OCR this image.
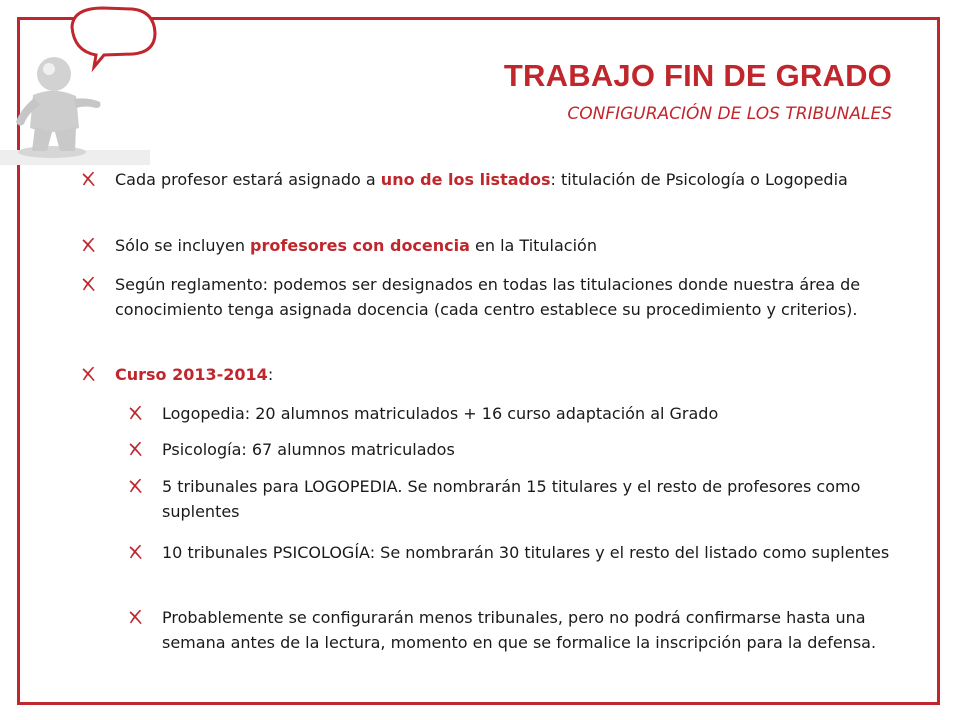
TRABAJO FIN DE GRADO
CONFIGURACIÓN DE LOS TRIBUNALES
Cada profesor estará asignado a uno de los listados: titulación de Psicología o Logopedia
Sólo se incluyen profesores con docencia en la Titulación
Según reglamento: podemos ser designados en todas las titulaciones donde nuestra área de conocimiento tenga asignada docencia (cada centro establece su procedimiento y criterios).
Curso 2013-2014:
Logopedia: 20 alumnos matriculados + 16 curso adaptación al Grado
Psicología: 67 alumnos matriculados
5 tribunales para LOGOPEDIA. Se nombrarán 15 titulares y el resto de profesores como suplentes
10 tribunales PSICOLOGÍA: Se nombrarán 30 titulares y el resto del listado como suplentes
Probablemente se configurarán menos tribunales, pero no podrá confirmarse hasta una semana antes de la lectura, momento en que se formalice la inscripción para la defensa.
